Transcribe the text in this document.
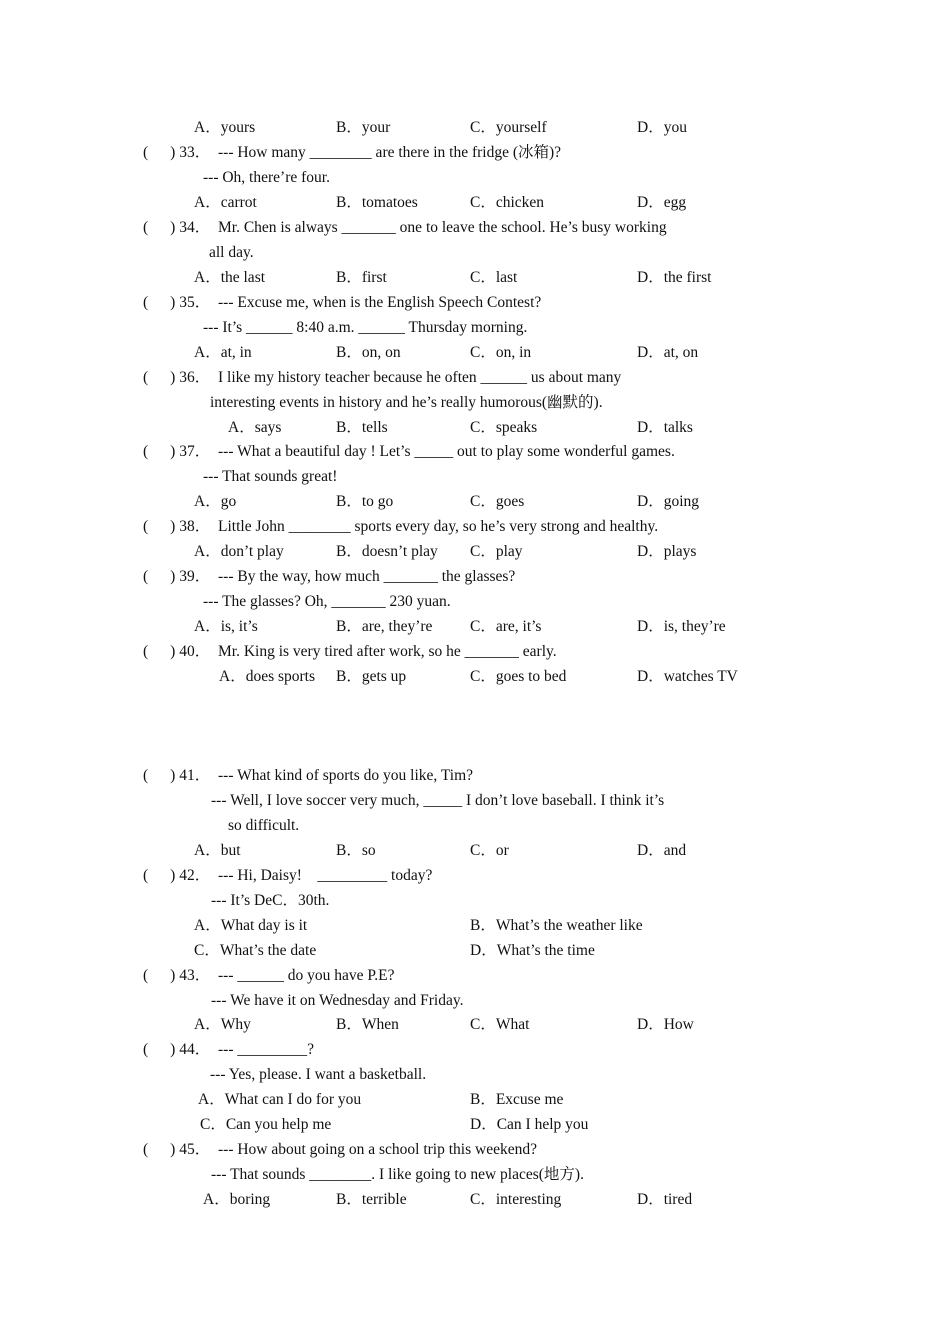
A．yours	B．your	C．yourself	D．you
( ) 33． --- How many ________ are there in the fridge (冰箱)?
--- Oh, there’re four.
A．carrot	B．tomatoes	C．chicken	D．egg
( ) 34． Mr. Chen is always _______ one to leave the school. He’s busy working
all day.
A．the last	B．first	C．last	D．the first
( ) 35． --- Excuse me, when is the English Speech Contest?
--- It’s ______ 8:40 a.m. ______ Thursday morning.
A．at, in	B．on, on	C．on, in	D．at, on
( ) 36． I like my history teacher because he often ______ us about many
interesting events in history and he’s really humorous(幽默的).
A．says	B．tells	C．speaks	D．talks
( ) 37． --- What a beautiful day ! Let’s _____ out to play some wonderful games.
--- That sounds great!
A．go	B．to go	C．goes	D．going
( ) 38． Little John ________ sports every day, so he’s very strong and healthy.
A．don’t play	B．doesn’t play C．play	D．plays
( ) 39． --- By the way, how much _______ the glasses?
--- The glasses? Oh, _______ 230 yuan.
A．is, it’s	B．are, they’re C．are, it’s	D．is, they’re
( ) 40． Mr. King is very tired after work, so he _______ early.
A．does sports B．gets up	C．goes to bed	D．watches TV
( ) 41． --- What kind of sports do you like, Tim?
--- Well, I love soccer very much, _____ I don’t love baseball. I think it’s
so difficult.
A．but	B．so	C．or	D．and
( ) 42． --- Hi, Daisy!    _________ today?
--- It’s DeC．30th.
A．What day is it	B．What’s the weather like
C．What’s the date	D．What’s the time
( ) 43． --- ______ do you have P.E?
--- We have it on Wednesday and Friday.
A．Why	B．When	C．What	D．How
( ) 44． --- _________?
--- Yes, please. I want a basketball.
A．What can I do for you	B．Excuse me
C．Can you help me	D．Can I help you
( ) 45． --- How about going on a school trip this weekend?
--- That sounds ________. I like going to new places(地方).
A．boring	B．terrible	C．interesting	D．tired
